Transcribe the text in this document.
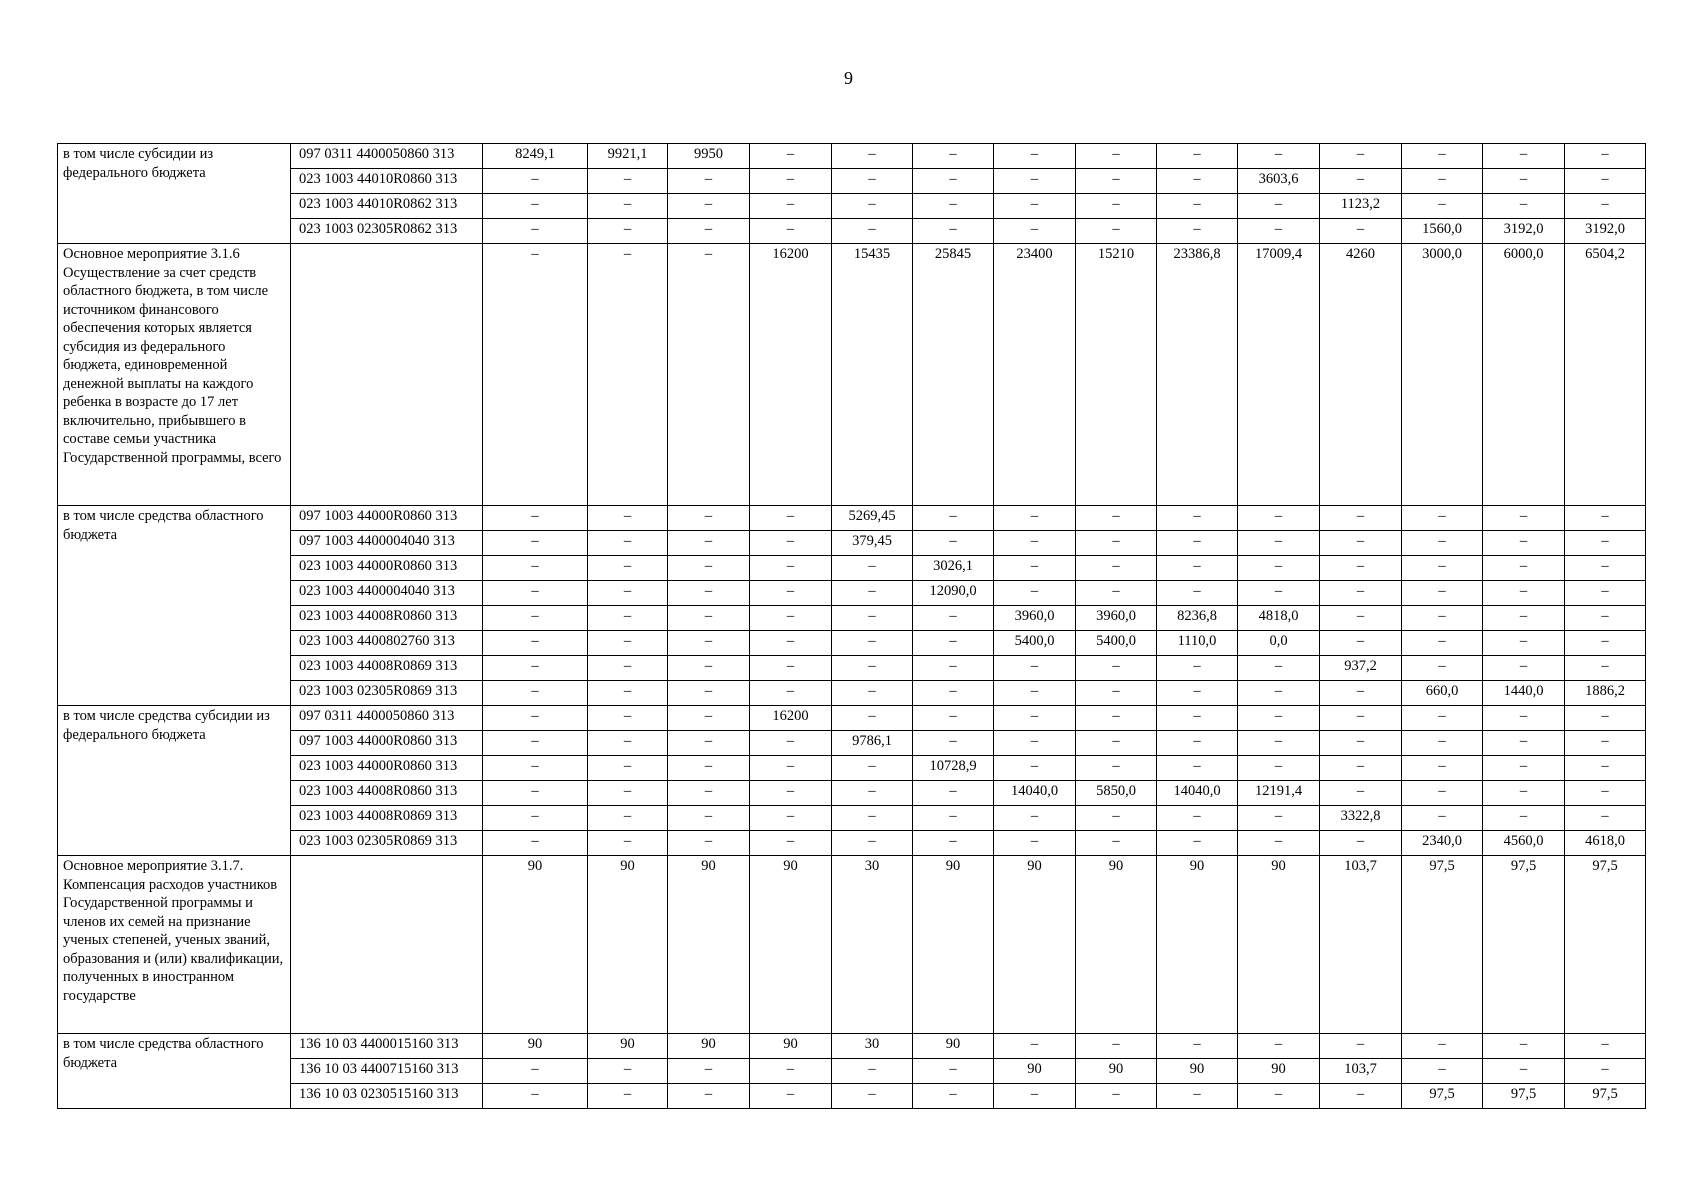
9
в том числе субсидии из федерального бюджета	097 0311 4400050860 313	8249,1	9921,1	9950	–	–	–	–	–	–	–	–	–	–	–
	023 1003 44010R0860 313	–	–	–	–	–	–	–	–	–	3603,6	–	–	–	–
	023 1003 44010R0862 313	–	–	–	–	–	–	–	–	–	–	1123,2	–	–	–
	023 1003 02305R0862 313	–	–	–	–	–	–	–	–	–	–	–	1560,0	3192,0	3192,0
Основное мероприятие 3.1.6 Осуществление за счет средств областного бюджета, в том числе источником финансового обеспечения которых является субсидия из федерального бюджета, единовременной денежной выплаты на каждого ребенка в возрасте до 17 лет включительно, прибывшего в составе семьи участника Государственной программы, всего		–	–	–	16200	15435	25845	23400	15210	23386,8	17009,4	4260	3000,0	6000,0	6504,2
в том числе средства областного бюджета	097 1003 44000R0860 313	–	–	–	–	5269,45	–	–	–	–	–	–	–	–	–
	097 1003 4400004040 313	–	–	–	–	379,45	–	–	–	–	–	–	–	–	–
	023 1003 44000R0860 313	–	–	–	–	–	3026,1	–	–	–	–	–	–	–	–
	023 1003 4400004040 313	–	–	–	–	–	12090,0	–	–	–	–	–	–	–	–
	023 1003 44008R0860 313	–	–	–	–	–	–	3960,0	3960,0	8236,8	4818,0	–	–	–	–
	023 1003 4400802760 313	–	–	–	–	–	–	5400,0	5400,0	1110,0	0,0	–	–	–	–
	023 1003 44008R0869 313	–	–	–	–	–	–	–	–	–	–	937,2	–	–	–
	023 1003 02305R0869 313	–	–	–	–	–	–	–	–	–	–	–	660,0	1440,0	1886,2
в том числе средства субсидии из федерального бюджета	097 0311 4400050860 313	–	–	–	16200	–	–	–	–	–	–	–	–	–	–
	097 1003 44000R0860 313	–	–	–	–	9786,1	–	–	–	–	–	–	–	–	–
	023 1003 44000R0860 313	–	–	–	–	–	10728,9	–	–	–	–	–	–	–	–
	023 1003 44008R0860 313	–	–	–	–	–	–	14040,0	5850,0	14040,0	12191,4	–	–	–	–
	023 1003 44008R0869 313	–	–	–	–	–	–	–	–	–	–	3322,8	–	–	–
	023 1003 02305R0869 313	–	–	–	–	–	–	–	–	–	–	–	2340,0	4560,0	4618,0
Основное мероприятие 3.1.7. Компенсация расходов участников Государственной программы и членов их семей на признание ученых степеней, ученых званий, образования и (или) квалификации, полученных в иностранном государстве		90	90	90	90	30	90	90	90	90	90	103,7	97,5	97,5	97,5
в том числе средства областного бюджета	136 10 03 4400015160 313	90	90	90	90	30	90	–	–	–	–	–	–	–	–
	136 10 03 4400715160 313	–	–	–	–	–	–	90	90	90	90	103,7	–	–	–
	136 10 03 0230515160 313	–	–	–	–	–	–	–	–	–	–	–	97,5	97,5	97,5
